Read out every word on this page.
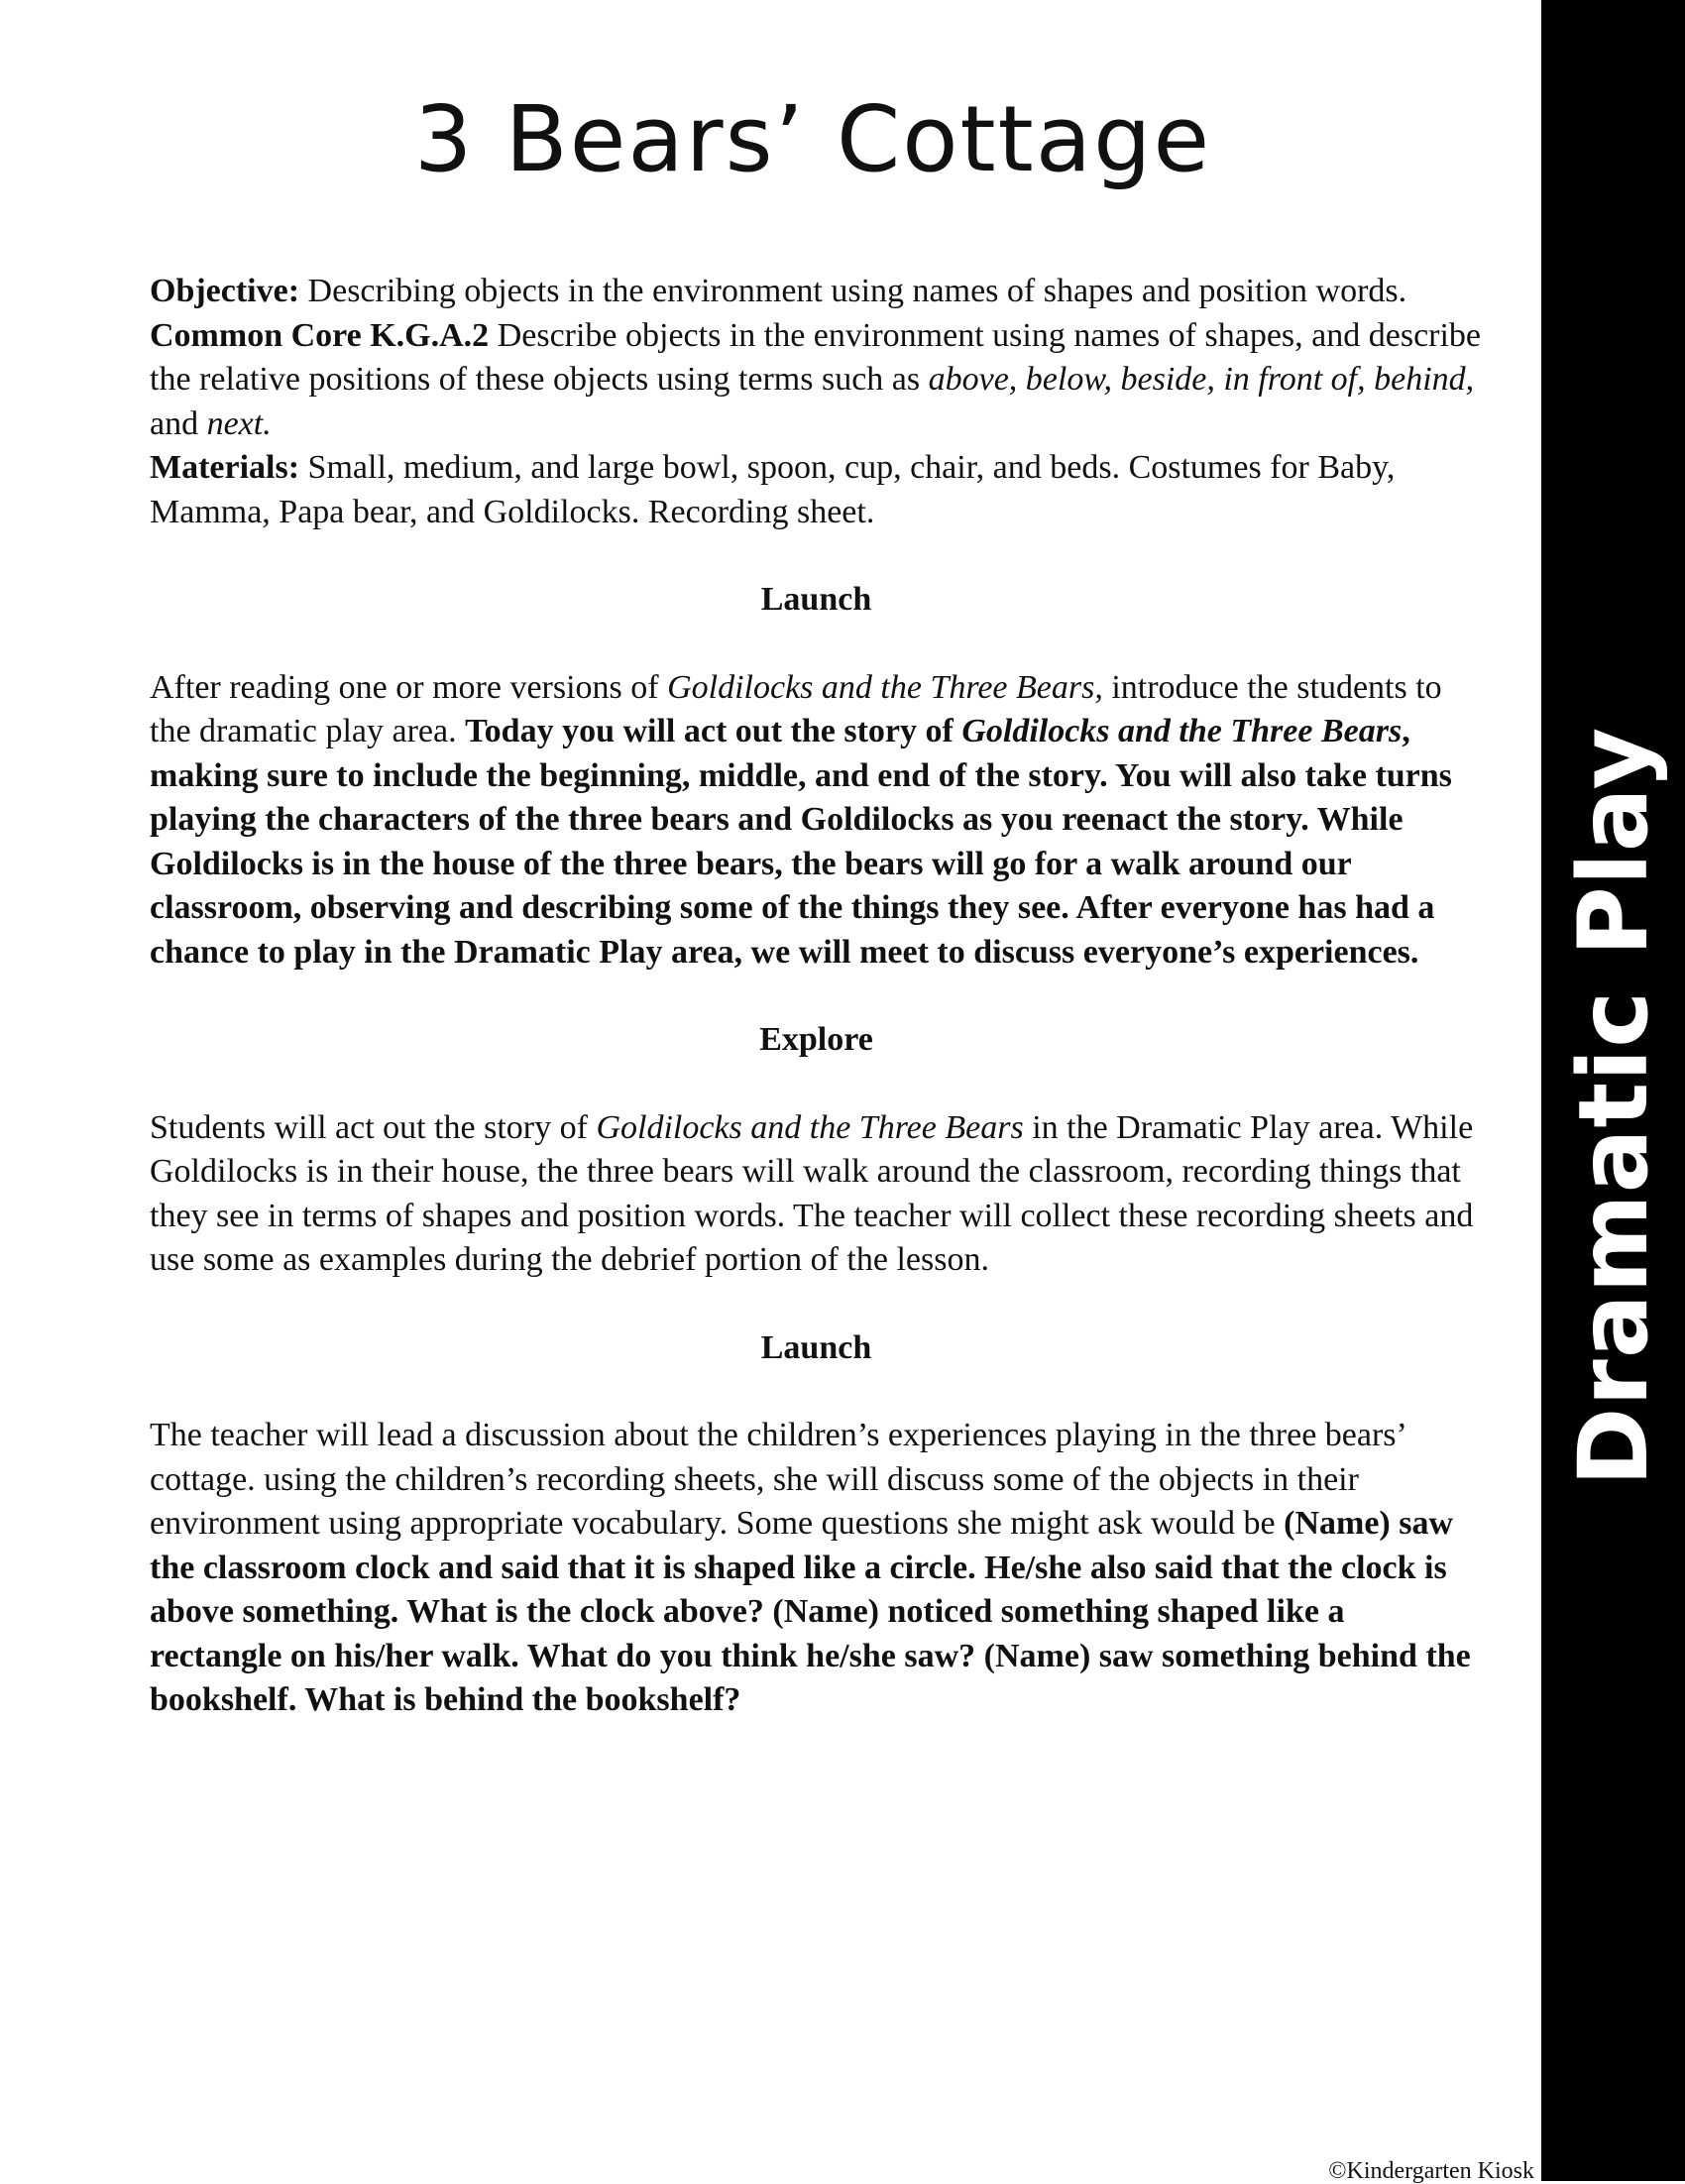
3 Bears’ Cottage

Objective: Describing objects in the environment using names of shapes and position words.

Common Core K.G.A.2 Describe objects in the environment using names of shapes, and describe the relative positions of these objects using terms such as above, below, beside, in front of, behind, and next.

Materials: Small, medium, and large bowl, spoon, cup, chair, and beds. Costumes for Baby, Mamma, Papa bear, and Goldilocks. Recording sheet.

Launch

After reading one or more versions of Goldilocks and the Three Bears, introduce the students to the dramatic play area. Today you will act out the story of Goldilocks and the Three Bears, making sure to include the beginning, middle, and end of the story. You will also take turns playing the characters of the three bears and Goldilocks as you reenact the story. While Goldilocks is in the house of the three bears, the bears will go for a walk around our classroom, observing and describing some of the things they see. After everyone has had a chance to play in the Dramatic Play area, we will meet to discuss everyone’s experiences.

Explore

Students will act out the story of Goldilocks and the Three Bears in the Dramatic Play area. While Goldilocks is in their house, the three bears will walk around the classroom, recording things that they see in terms of shapes and position words. The teacher will collect these recording sheets and use some as examples during the debrief portion of the lesson.

Launch

The teacher will lead a discussion about the children’s experiences playing in the three bears’ cottage. using the children’s recording sheets, she will discuss some of the objects in their environment using appropriate vocabulary. Some questions she might ask would be (Name) saw the classroom clock and said that it is shaped like a circle. He/she also said that the clock is above something. What is the clock above? (Name) noticed something shaped like a rectangle on his/her walk. What do you think he/she saw? (Name) saw something behind the bookshelf. What is behind the bookshelf?

Dramatic Play
©Kindergarten Kiosk
